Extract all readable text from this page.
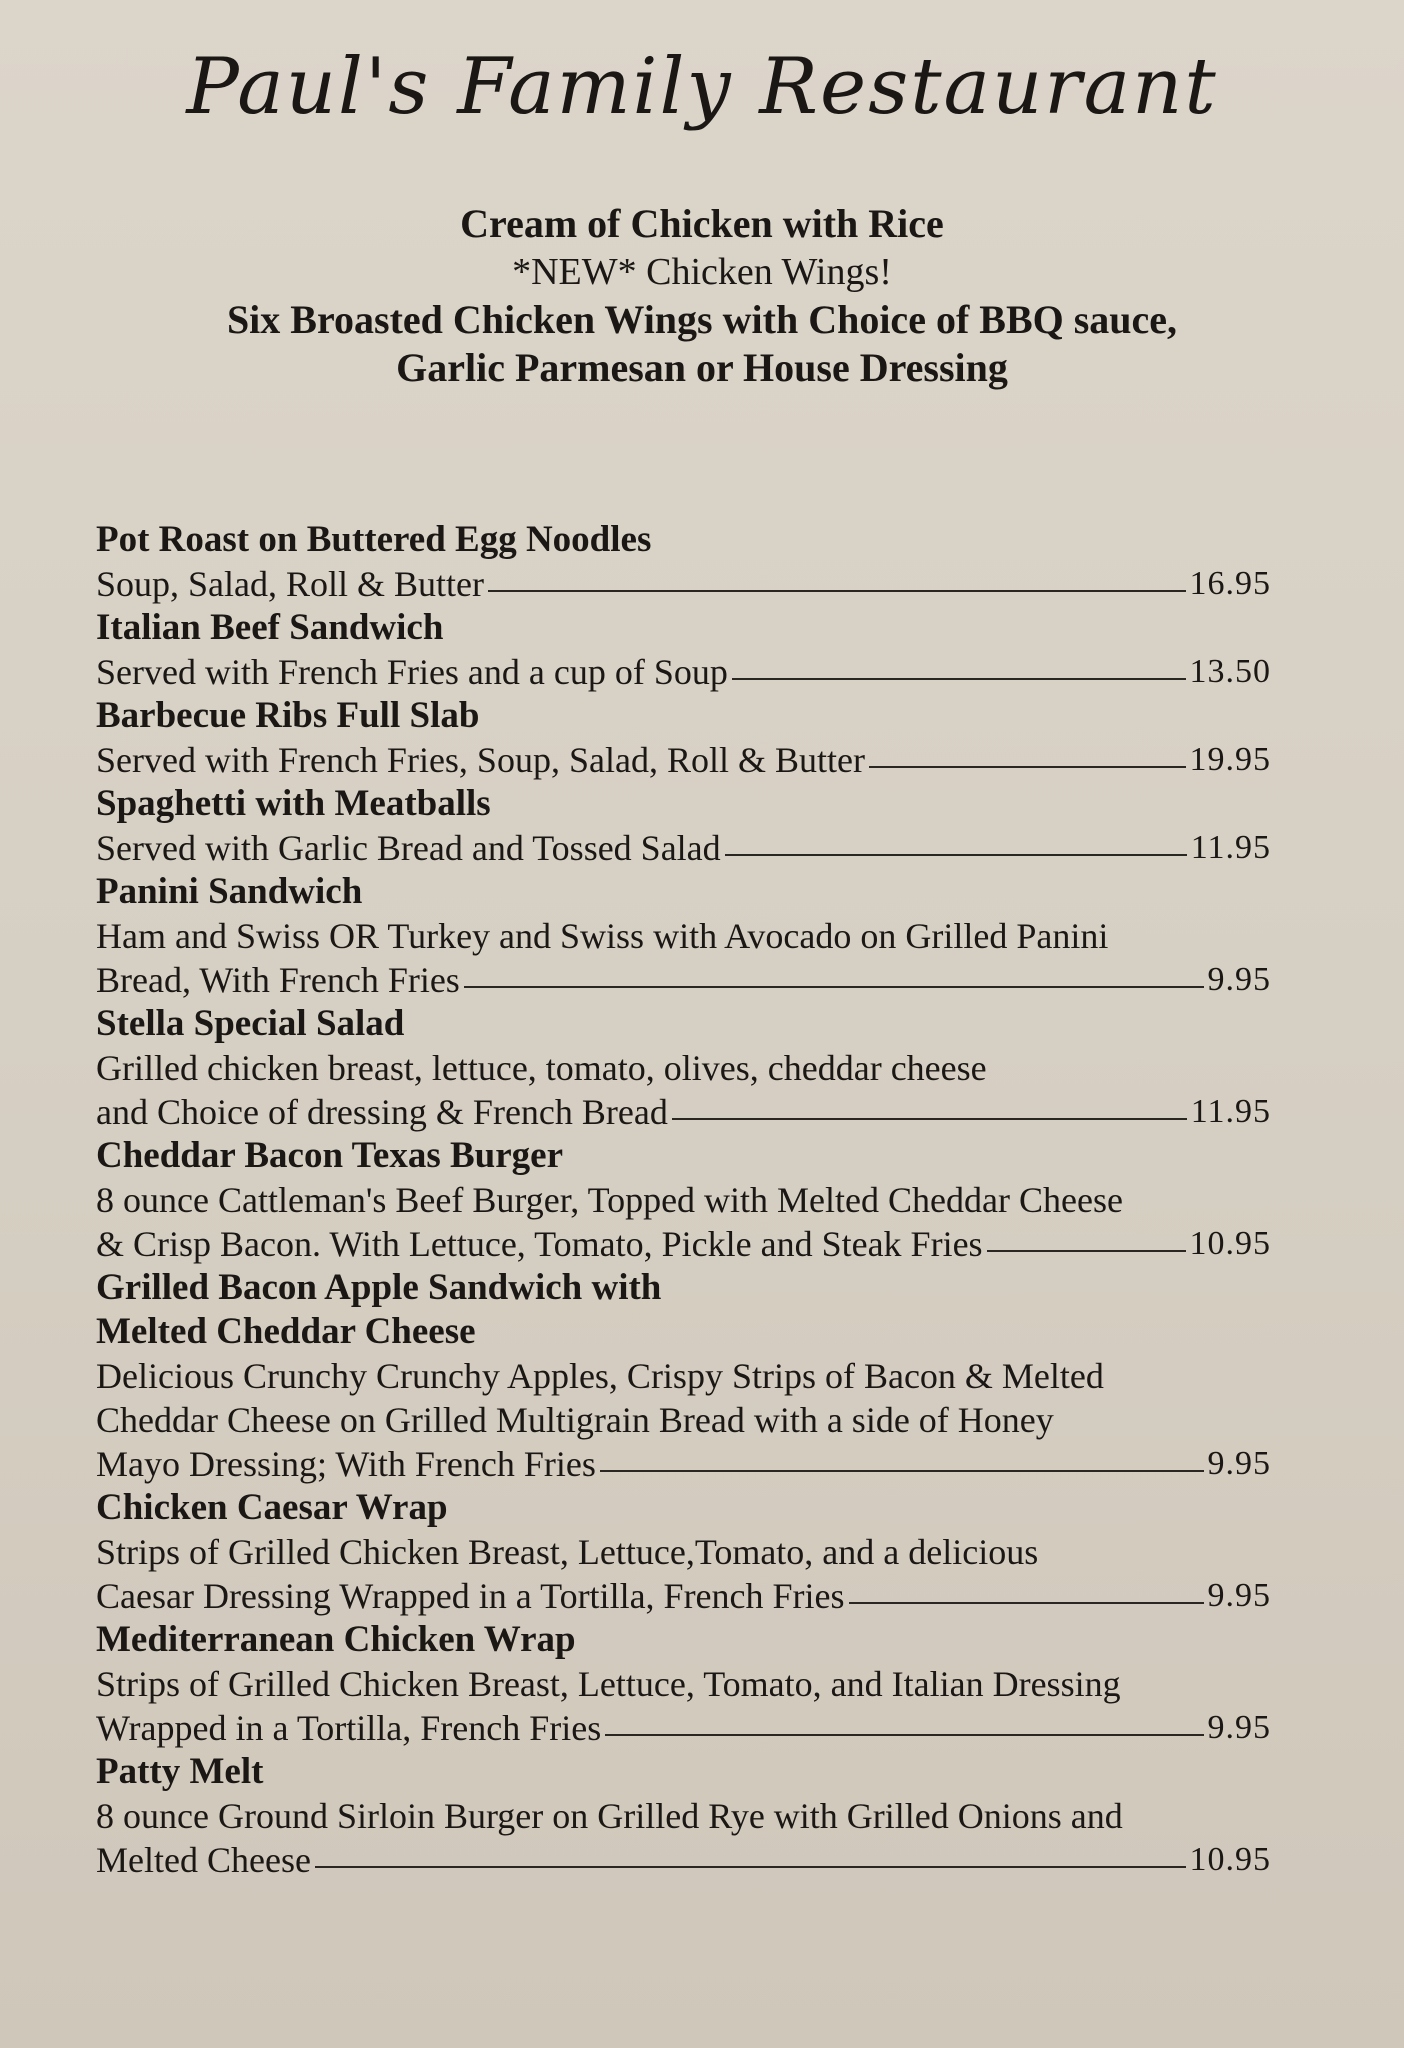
Paul's Family Restaurant
Cream of Chicken with Rice
*NEW* Chicken Wings!
Six Broasted Chicken Wings with Choice of BBQ sauce,
Garlic Parmesan or House Dressing
Pot Roast on Buttered Egg Noodles
Soup, Salad, Roll & Butter	16.95
Italian Beef Sandwich
Served with French Fries and a cup of Soup	13.50
Barbecue Ribs Full Slab
Served with French Fries, Soup, Salad, Roll & Butter	19.95
Spaghetti with Meatballs
Served with Garlic Bread and Tossed Salad	11.95
Panini Sandwich
Ham and Swiss OR Turkey and Swiss with Avocado on Grilled Panini
Bread, With French Fries	9.95
Stella Special Salad
Grilled chicken breast, lettuce, tomato, olives, cheddar cheese
and Choice of dressing & French Bread	11.95
Cheddar Bacon Texas Burger
8 ounce Cattleman's Beef Burger, Topped with Melted Cheddar Cheese
& Crisp Bacon. With Lettuce, Tomato, Pickle and Steak Fries	10.95
Grilled Bacon Apple Sandwich with
Melted Cheddar Cheese
Delicious Crunchy Crunchy Apples, Crispy Strips of Bacon & Melted
Cheddar Cheese on Grilled Multigrain Bread with a side of Honey
Mayo Dressing; With French Fries	9.95
Chicken Caesar Wrap
Strips of Grilled Chicken Breast, Lettuce,Tomato, and a delicious
Caesar Dressing Wrapped in a Tortilla, French Fries	9.95
Mediterranean Chicken Wrap
Strips of Grilled Chicken Breast, Lettuce, Tomato, and Italian Dressing
Wrapped in a Tortilla, French Fries	9.95
Patty Melt
8 ounce Ground Sirloin Burger on Grilled Rye with Grilled Onions and
Melted Cheese	10.95
